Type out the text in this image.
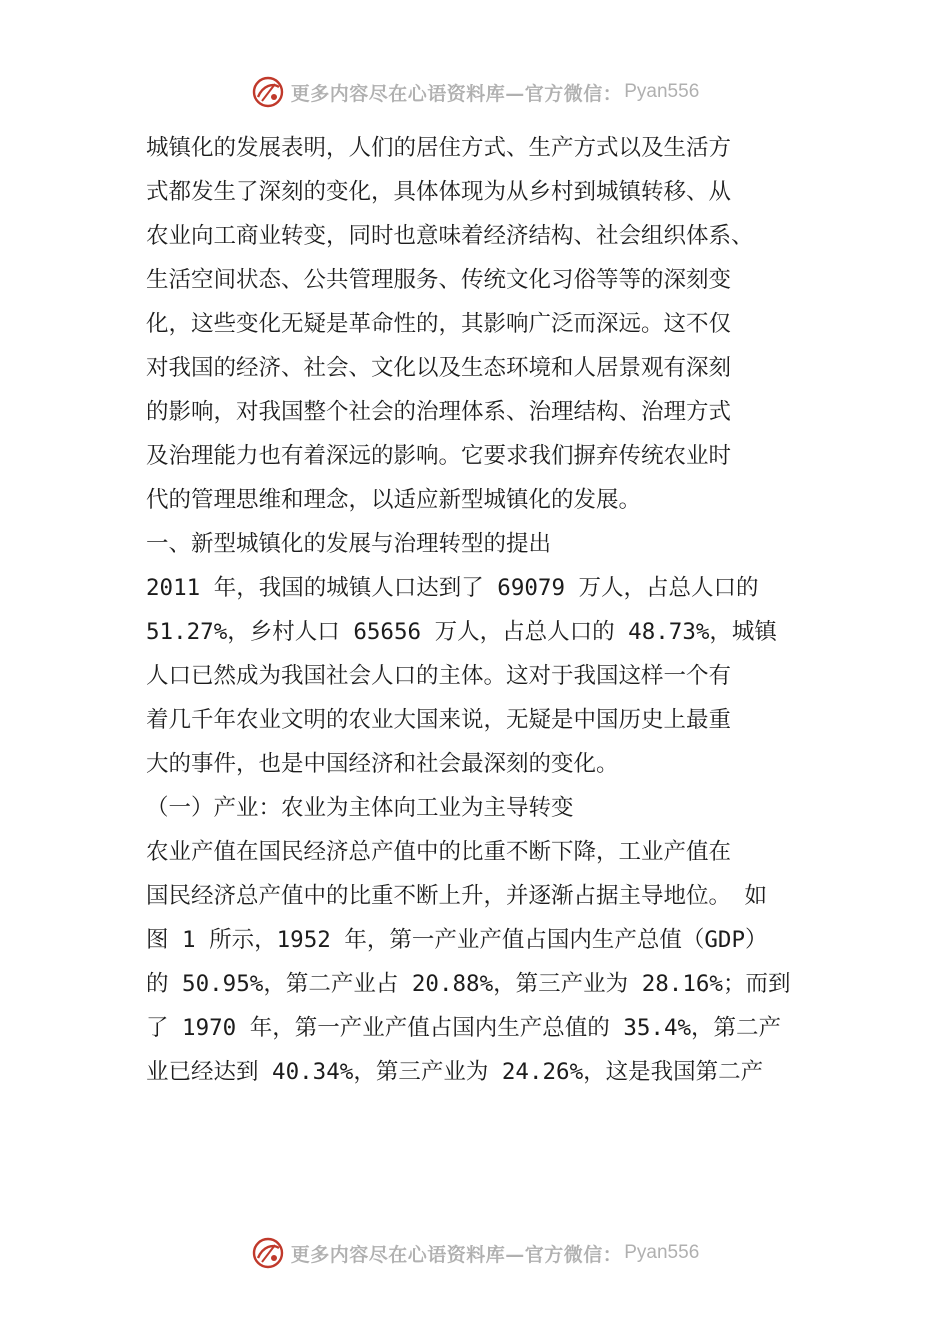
更多内容尽在心语资料库—官方微信： Pyan556
城镇化的发展表明，人们的居住方式、生产方式以及生活方
式都发生了深刻的变化，具体体现为从乡村到城镇转移、从
农业向工商业转变，同时也意味着经济结构、社会组织体系、
生活空间状态、公共管理服务、传统文化习俗等等的深刻变
化，这些变化无疑是革命性的，其影响广泛而深远。这不仅
对我国的经济、社会、文化以及生态环境和人居景观有深刻
的影响，对我国整个社会的治理体系、治理结构、治理方式
及治理能力也有着深远的影响。它要求我们摒弃传统农业时
代的管理思维和理念，以适应新型城镇化的发展。
一、新型城镇化的发展与治理转型的提出
2011 年，我国的城镇人口达到了 69079 万人，占总人口的
51.27%，乡村人口 65656 万人，占总人口的 48.73%，城镇
人口已然成为我国社会人口的主体。这对于我国这样一个有
着几千年农业文明的农业大国来说，无疑是中国历史上最重
大的事件，也是中国经济和社会最深刻的变化。
（一）产业：农业为主体向工业为主导转变
农业产值在国民经济总产值中的比重不断下降，工业产值在
国民经济总产值中的比重不断上升，并逐渐占据主导地位。 如
图 1 所示，1952 年，第一产业产值占国内生产总值（GDP）
的 50.95%，第二产业占 20.88%，第三产业为 28.16%；而到
了 1970 年，第一产业产值占国内生产总值的 35.4%，第二产
业已经达到 40.34%，第三产业为 24.26%，这是我国第二产
更多内容尽在心语资料库—官方微信： Pyan556
